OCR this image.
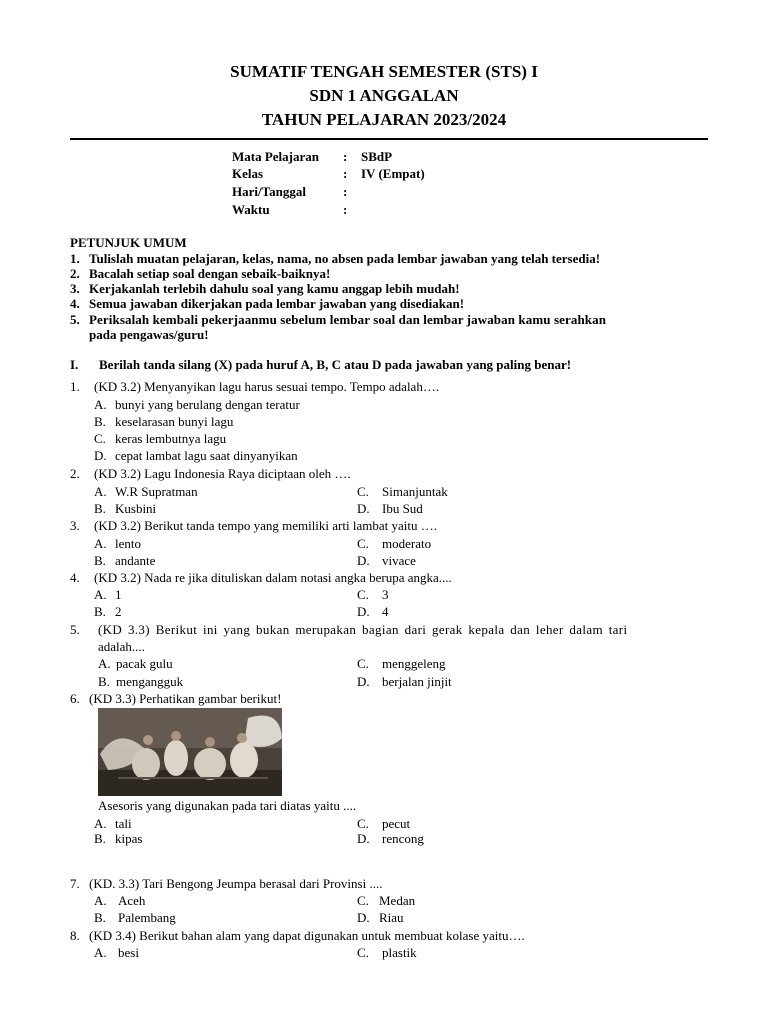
SUMATIF TENGAH SEMESTER (STS) I
SDN 1 ANGGALAN
TAHUN PELAJARAN 2023/2024
Mata Pelajaran : SBdP
Kelas	: IV (Empat)
Hari/Tanggal	:
Waktu	:
PETUNJUK UMUM
1. Tulislah muatan pelajaran, kelas, nama, no absen pada lembar jawaban yang telah tersedia!
2. Bacalah setiap soal dengan sebaik-baiknya!
3. Kerjakanlah terlebih dahulu soal yang kamu anggap lebih mudah!
4. Semua jawaban dikerjakan pada lembar jawaban yang disediakan!
5. Periksalah kembali pekerjaanmu sebelum lembar soal dan lembar jawaban kamu serahkan
pada pengawas/guru!
I. Berilah tanda silang (X) pada huruf A, B, C atau D pada jawaban yang paling benar!
1. (KD 3.2) Menyanyikan lagu harus sesuai tempo. Tempo adalah….
A. bunyi yang berulang dengan teratur
B. keselarasan bunyi lagu
C. keras lembutnya lagu
D. cepat lambat lagu saat dinyanyikan
2. (KD 3.2) Lagu Indonesia Raya diciptaan oleh ….
A. W.R Supratman	C. Simanjuntak
B. Kusbini	D. Ibu Sud
3. (KD 3.2) Berikut tanda tempo yang memiliki arti lambat yaitu ….
A. lento	C. moderato
B. andante	D. vivace
4. (KD 3.2) Nada re jika dituliskan dalam notasi angka berupa angka....
A. 1	C. 3
B. 2	D. 4
5. (KD 3.3) Berikut ini yang bukan merupakan bagian dari gerak kepala dan leher dalam tari
adalah....
A. pacak gulu	C. menggeleng
B. mengangguk	D. berjalan jinjit
6. (KD 3.3) Perhatikan gambar berikut!
Asesoris yang digunakan pada tari diatas yaitu ....
A. tali	C. pecut
B. kipas	D. rencong
7. (KD. 3.3) Tari Bengong Jeumpa berasal dari Provinsi ....
A. Aceh	C. Medan
B. Palembang	D. Riau
8. (KD 3.4) Berikut bahan alam yang dapat digunakan untuk membuat kolase yaitu….
A. besi	C. plastik
